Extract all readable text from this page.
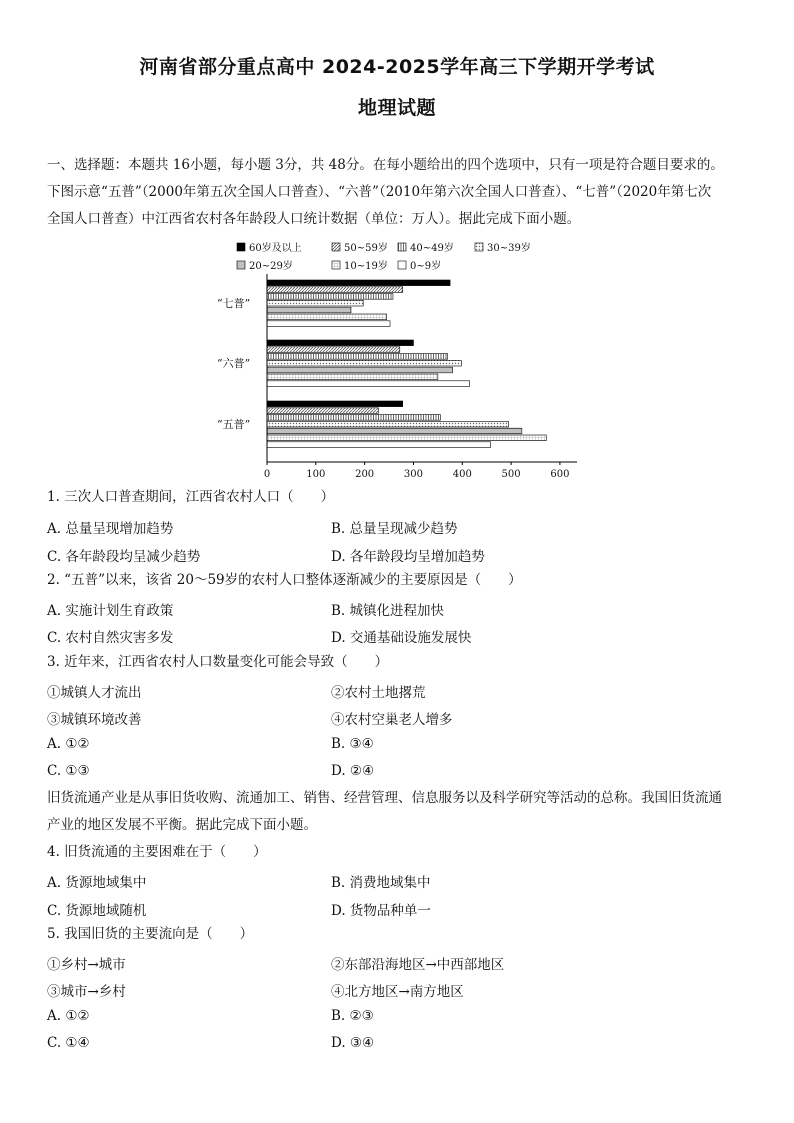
河南省部分重点高中 2024-2025学年高三下学期开学考试
地理试题
一、选择题：本题共 16小题，每小题 3分，共 48分。在每小题给出的四个选项中，只有一项是符合题目要求的。
下图示意“五普”（2000年第五次全国人口普查）、“六普”（2010年第六次全国人口普查）、“七普”（2020年第七次
全国人口普查）中江西省农村各年龄段人口统计数据（单位：万人）。据此完成下面小题。
60岁及以上	50~59岁 40~49岁	30~39岁
20~29岁	10~19岁 0~9岁
“七普”
“六普”
“五普”
0	100	200	300	400	500	600
1. 三次人口普查期间，江西省农村人口（　　）
A. 总量呈现增加趋势	B. 总量呈现减少趋势
C. 各年龄段均呈减少趋势	D. 各年龄段均呈增加趋势
2. “五普”以来，该省 20～59岁的农村人口整体逐渐减少的主要原因是（　　）
A. 实施计划生育政策	B. 城镇化进程加快
C. 农村自然灾害多发	D. 交通基础设施发展快
3. 近年来，江西省农村人口数量变化可能会导致（　　）
①城镇人才流出	②农村土地撂荒
③城镇环境改善	④农村空巢老人增多
A. ①②	B. ③④
C. ①③	D. ②④
旧货流通产业是从事旧货收购、流通加工、销售、经营管理、信息服务以及科学研究等活动的总称。我国旧货流通
产业的地区发展不平衡。据此完成下面小题。
4. 旧货流通的主要困难在于（　　）
A. 货源地域集中	B. 消费地域集中
C. 货源地域随机	D. 货物品种单一
5. 我国旧货的主要流向是（　　）
①乡村→城市	②东部沿海地区→中西部地区
③城市→乡村	④北方地区→南方地区
A. ①②	B. ②③
C. ①④	D. ③④
